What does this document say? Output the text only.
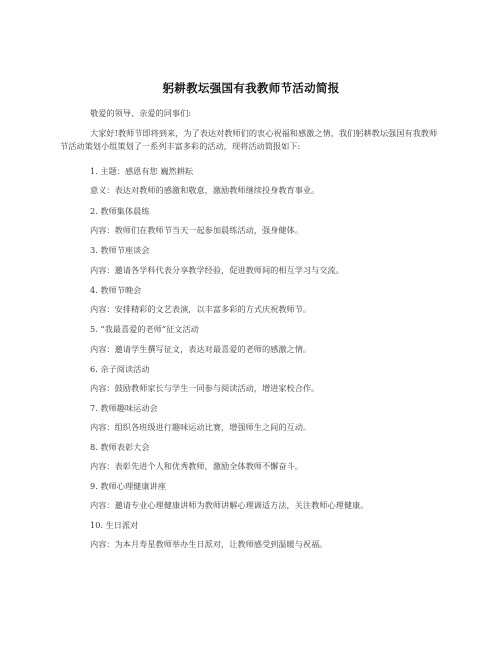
躬耕教坛强国有我教师节活动简报
敬爱的领导、亲爱的同事们:
大家好!教师节即将到来，为了表达对教师们的衷心祝福和感激之情，我们躬耕教坛强国有我教师节活动策划小组策划了一系列丰富多彩的活动，现将活动简报如下:
1. 主题：感恩有您 巍然耕耘
意义：表达对教师的感激和敬意，激励教师继续投身教育事业。
2. 教师集体晨练
内容：教师们在教师节当天一起参加晨练活动，强身健体。
3. 教师节座谈会
内容：邀请各学科代表分享教学经验，促进教师间的相互学习与交流。
4. 教师节晚会
内容：安排精彩的文艺表演，以丰富多彩的方式庆祝教师节。
5. “我最喜爱的老师”征文活动
内容：邀请学生撰写征文，表达对最喜爱的老师的感激之情。
6. 亲子阅读活动
内容：鼓励教师家长与学生一同参与阅读活动，增进家校合作。
7. 教师趣味运动会
内容：组织各班级进行趣味运动比赛，增强师生之间的互动。
8. 教师表彰大会
内容：表彰先进个人和优秀教师，激励全体教师不懈奋斗。
9. 教师心理健康讲座
内容：邀请专业心理健康讲师为教师讲解心理调适方法，关注教师心理健康。
10. 生日派对
内容：为本月寿星教师举办生日派对，让教师感受到温暖与祝福。
